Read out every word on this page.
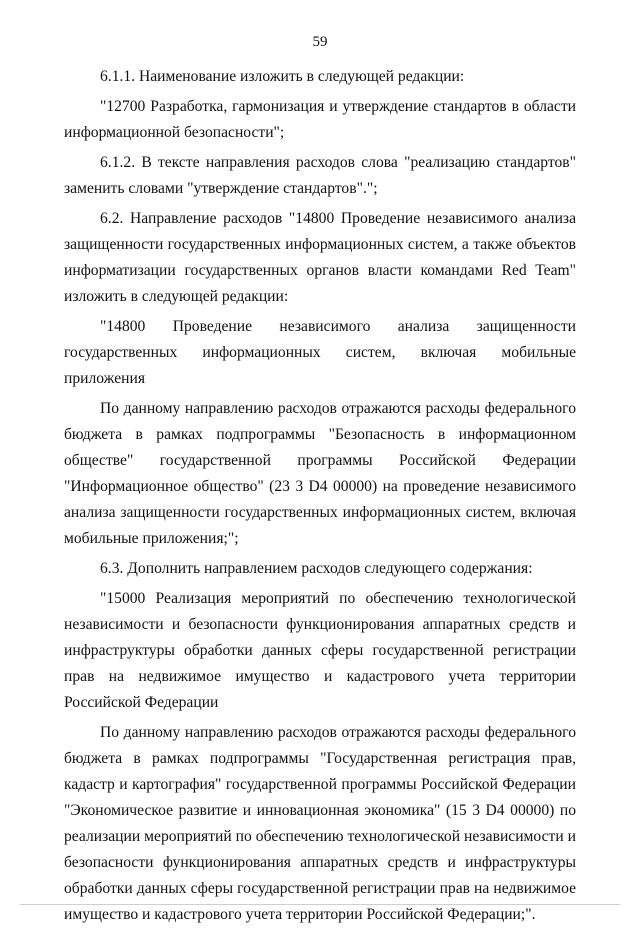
59

6.1.1. Наименование изложить в следующей редакции:

"12700 Разработка, гармонизация и утверждение стандартов в области информационной безопасности";

6.1.2. В тексте направления расходов слова "реализацию стандартов" заменить словами "утверждение стандартов".";

6.2. Направление расходов "14800 Проведение независимого анализа защищенности государственных информационных систем, а также объектов информатизации государственных органов власти командами Red Team" изложить в следующей редакции:

"14800 Проведение независимого анализа защищенности государственных информационных систем, включая мобильные приложения

По данному направлению расходов отражаются расходы федерального бюджета в рамках подпрограммы "Безопасность в информационном обществе" государственной программы Российской Федерации "Информационное общество" (23 3 D4 00000) на проведение независимого анализа защищенности государственных информационных систем, включая мобильные приложения;";

6.3. Дополнить направлением расходов следующего содержания:

"15000 Реализация мероприятий по обеспечению технологической независимости и безопасности функционирования аппаратных средств и инфраструктуры обработки данных сферы государственной регистрации прав на недвижимое имущество и кадастрового учета территории Российской Федерации

По данному направлению расходов отражаются расходы федерального бюджета в рамках подпрограммы "Государственная регистрация прав, кадастр и картография" государственной программы Российской Федерации "Экономическое развитие и инновационная экономика" (15 3 D4 00000) по реализации мероприятий по обеспечению технологической независимости и безопасности функционирования аппаратных средств и инфраструктуры обработки данных сферы государственной регистрации прав на недвижимое имущество и кадастрового учета территории Российской Федерации;".
